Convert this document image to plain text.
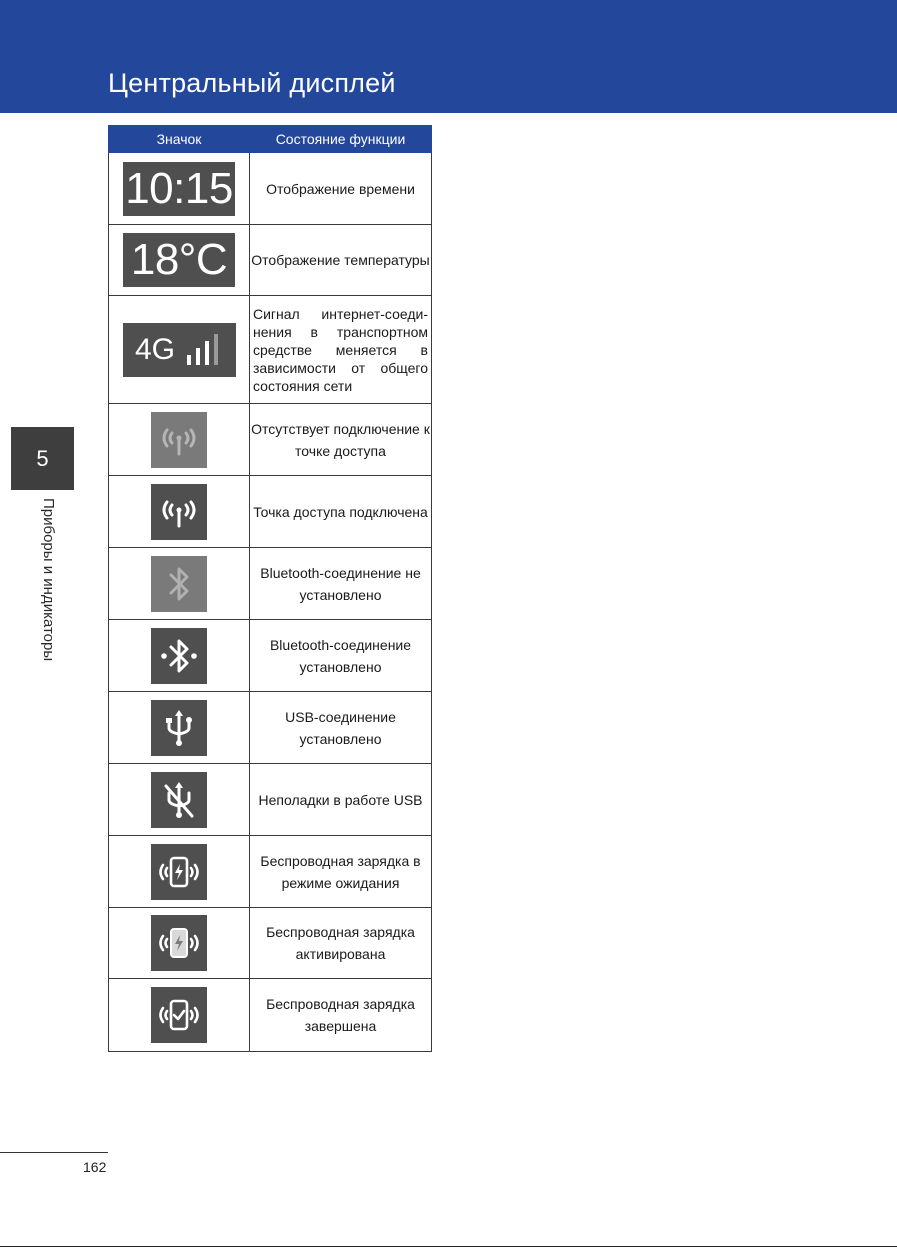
Центральный дисплей
5
Приборы и индикаторы
Значок	Состояние функции
10:15	Отображение времени
18°C	Отображение температуры

4G	Сигнал интернет-соеди- нения в транспортном средстве меняется в зависимости от общего состояния сети

	Отсутствует подключение к точке доступа

	Точка доступа подключена

	Bluetooth-соединение не установлено

	Bluetooth-соединение установлено

	USB-соединение установлено

	Неполадки в работе USB

	Беспроводная зарядка в режиме ожидания

	Беспроводная зарядка активирована

	Беспроводная зарядка завершена
162
